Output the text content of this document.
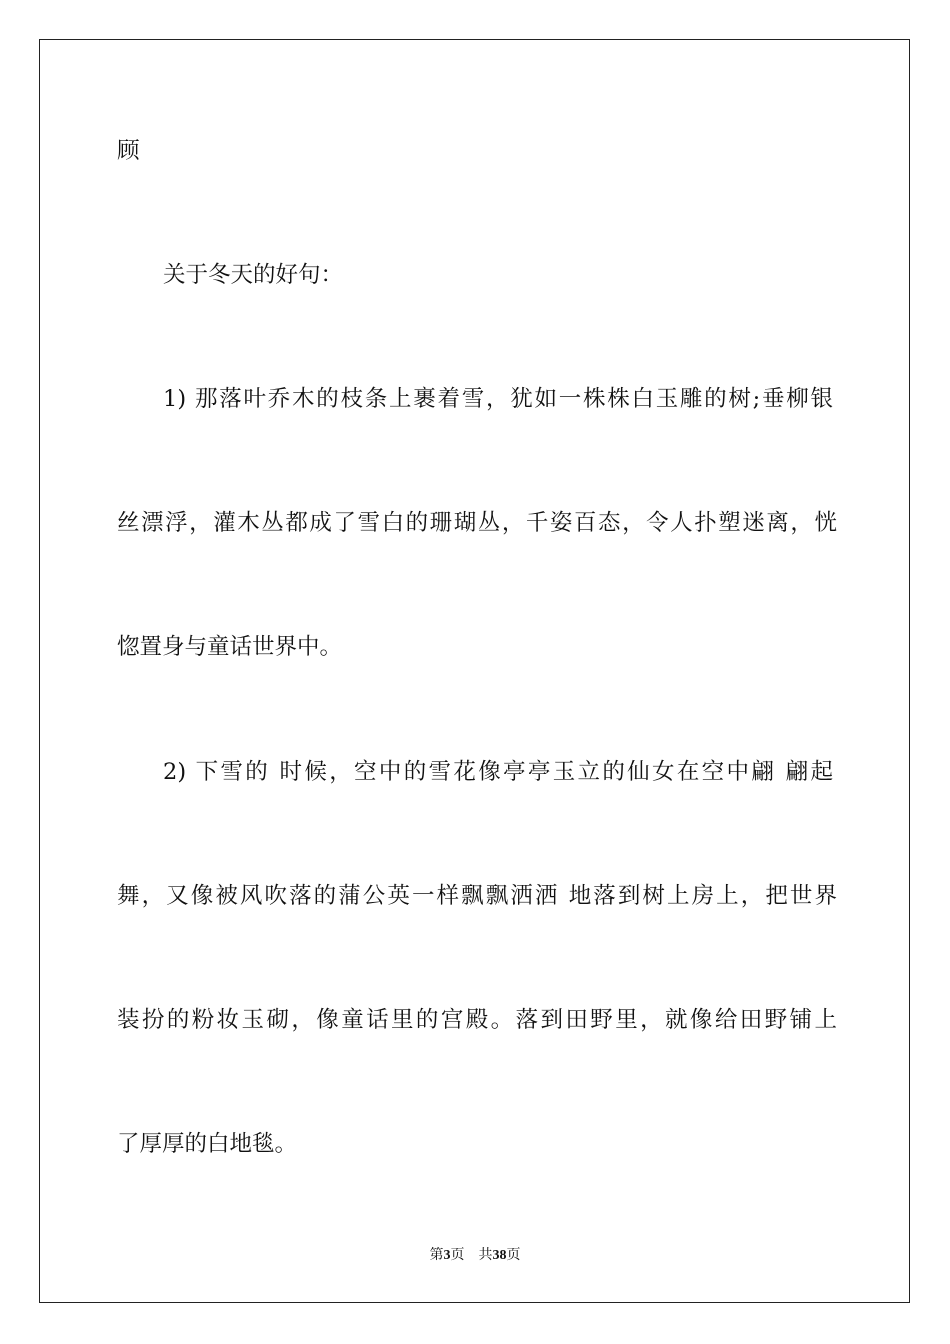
顾

关于冬天的好句：

1) 那落叶乔木的枝条上裹着雪，犹如一株株白玉雕的树;垂柳银

丝漂浮，灌木丛都成了雪白的珊瑚丛，千姿百态，令人扑塑迷离，恍

惚置身与童话世界中。

2) 下雪的 时候，空中的雪花像亭亭玉立的仙女在空中翩 翩起

舞，又像被风吹落的蒲公英一样飘飘洒洒 地落到树上房上，把世界

装扮的粉妆玉砌，像童话里的宫殿。落到田野里，就像给田野铺上

了厚厚的白地毯。

第3页 共38页
